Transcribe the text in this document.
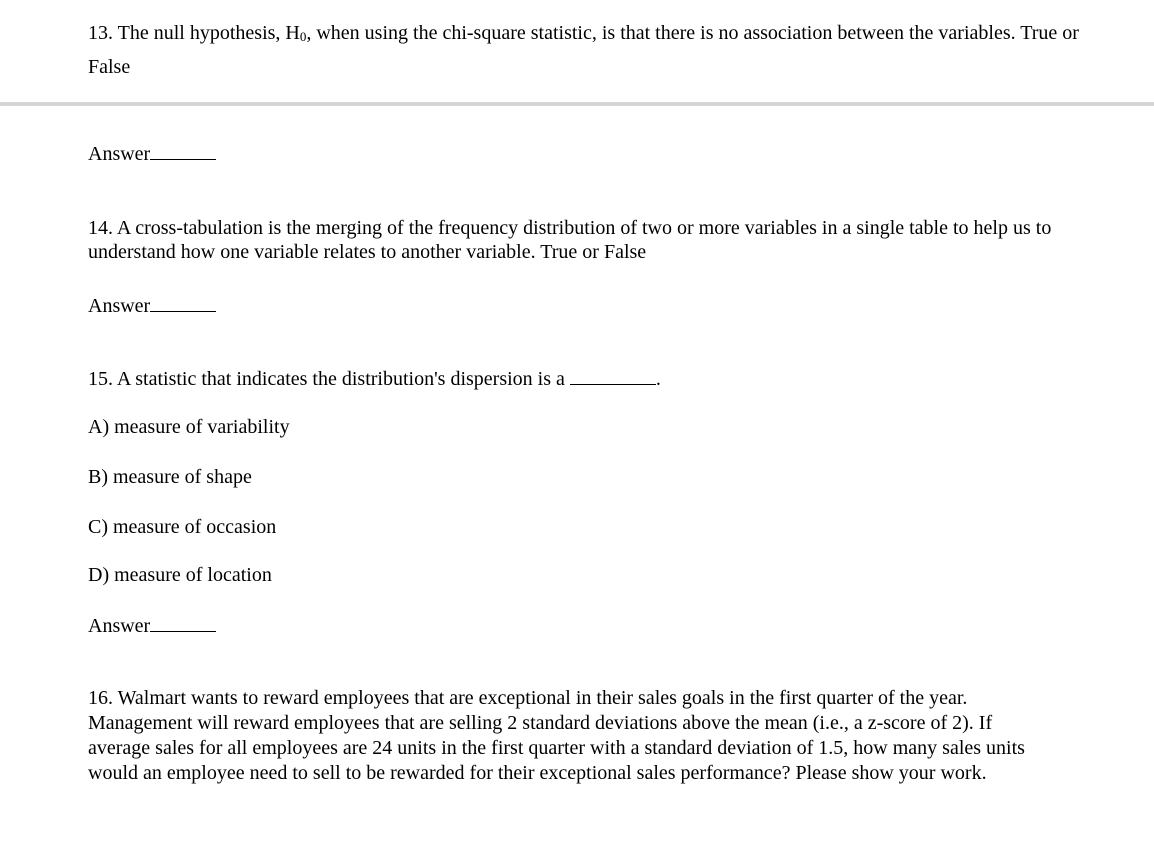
13. The null hypothesis, $H_0$, when using the chi-square statistic, is that there is no association between the variables. True or False
Answer
14. A cross-tabulation is the merging of the frequency distribution of two or more variables in a single table to help us to understand how one variable relates to another variable. True or False
Answer
15. A statistic that indicates the distribution's dispersion is a	.
A) measure of variability
B) measure of shape
C) measure of occasion
D) measure of location
Answer
16. Walmart wants to reward employees that are exceptional in their sales goals in the first quarter of the year. Management will reward employees that are selling 2 standard deviations above the mean (i.e., a z-score of 2). If average sales for all employees are 24 units in the first quarter with a standard deviation of 1.5, how many sales units would an employee need to sell to be rewarded for their exceptional sales performance? Please show your work.
